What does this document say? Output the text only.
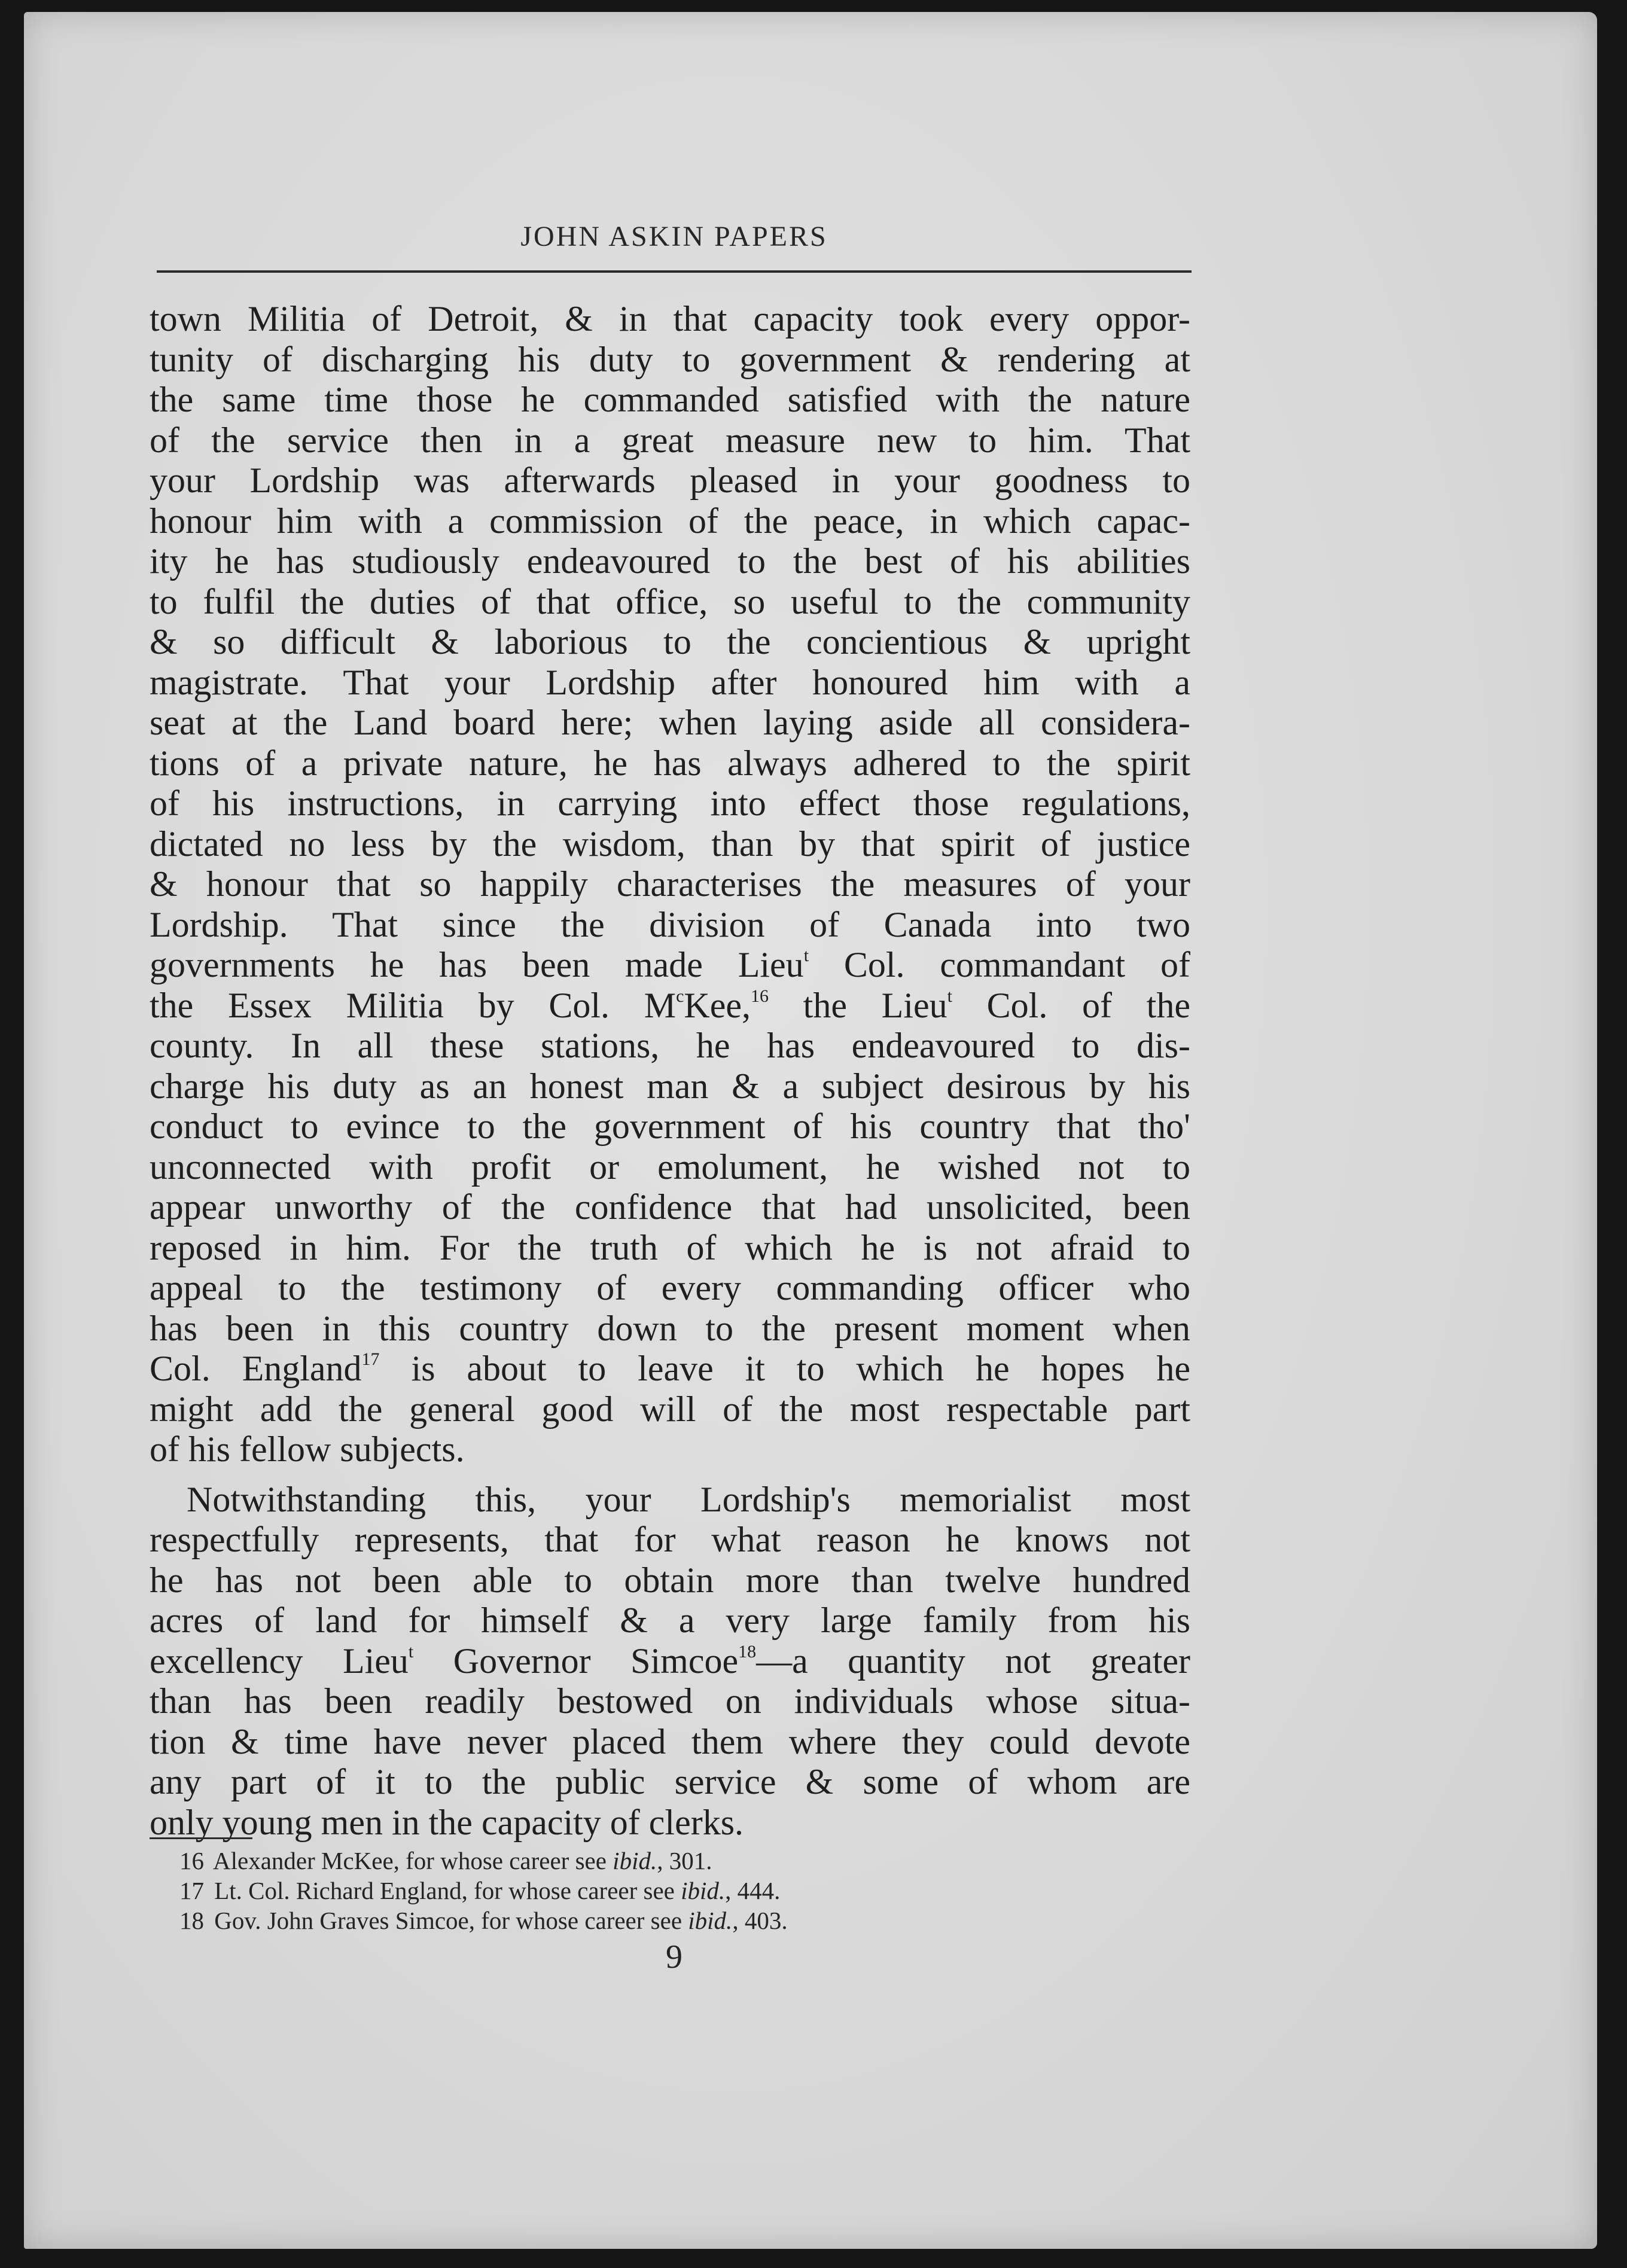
JOHN ASKIN PAPERS

town Militia of Detroit, & in that capacity took every oppor-
tunity of discharging his duty to government & rendering at
the same time those he commanded satisfied with the nature
of the service then in a great measure new to him. That
your Lordship was afterwards pleased in your goodness to
honour him with a commission of the peace, in which capac-
ity he has studiously endeavoured to the best of his abilities
to fulfil the duties of that office, so useful to the community
& so difficult & laborious to the concientious & upright
magistrate. That your Lordship after honoured him with a
seat at the Land board here; when laying aside all considera-
tions of a private nature, he has always adhered to the spirit
of his instructions, in carrying into effect those regulations,
dictated no less by the wisdom, than by that spirit of justice
& honour that so happily characterises the measures of your
Lordship. That since the division of Canada into two
governments he has been made Lieu$^t$ Col. commandant of
the Essex Militia by Col. $M^cKee,^{16}$ the Lieu$^t$ Col. of the
county. In all these stations, he has endeavoured to dis-
charge his duty as an honest man & a subject desirous by his
conduct to evince to the government of his country that tho'
unconnected with profit or emolument, he wished not to
appear unworthy of the confidence that had unsolicited, been
reposed in him. For the truth of which he is not afraid to
appeal to the testimony of every commanding officer who
has been in this country down to the present moment when
Col. England$^{17}$ is about to leave it to which he hopes he
might add the general good will of the most respectable part
of his fellow subjects.

Notwithstanding this, your Lordship's memorialist most
respectfully represents, that for what reason he knows not
he has not been able to obtain more than twelve hundred
acres of land for himself & a very large family from his
excellency Lieu$^t$ Governor Simcoe$^{18}$—a quantity not greater
than has been readily bestowed on individuals whose situa-
tion & time have never placed them where they could devote
any part of it to the public service & some of whom are
only young men in the capacity of clerks.

16 Alexander McKee, for whose career see ibid., 301.
17 Lt. Col. Richard England, for whose career see ibid., 444.
18 Gov. John Graves Simcoe, for whose career see ibid., 403.
9
